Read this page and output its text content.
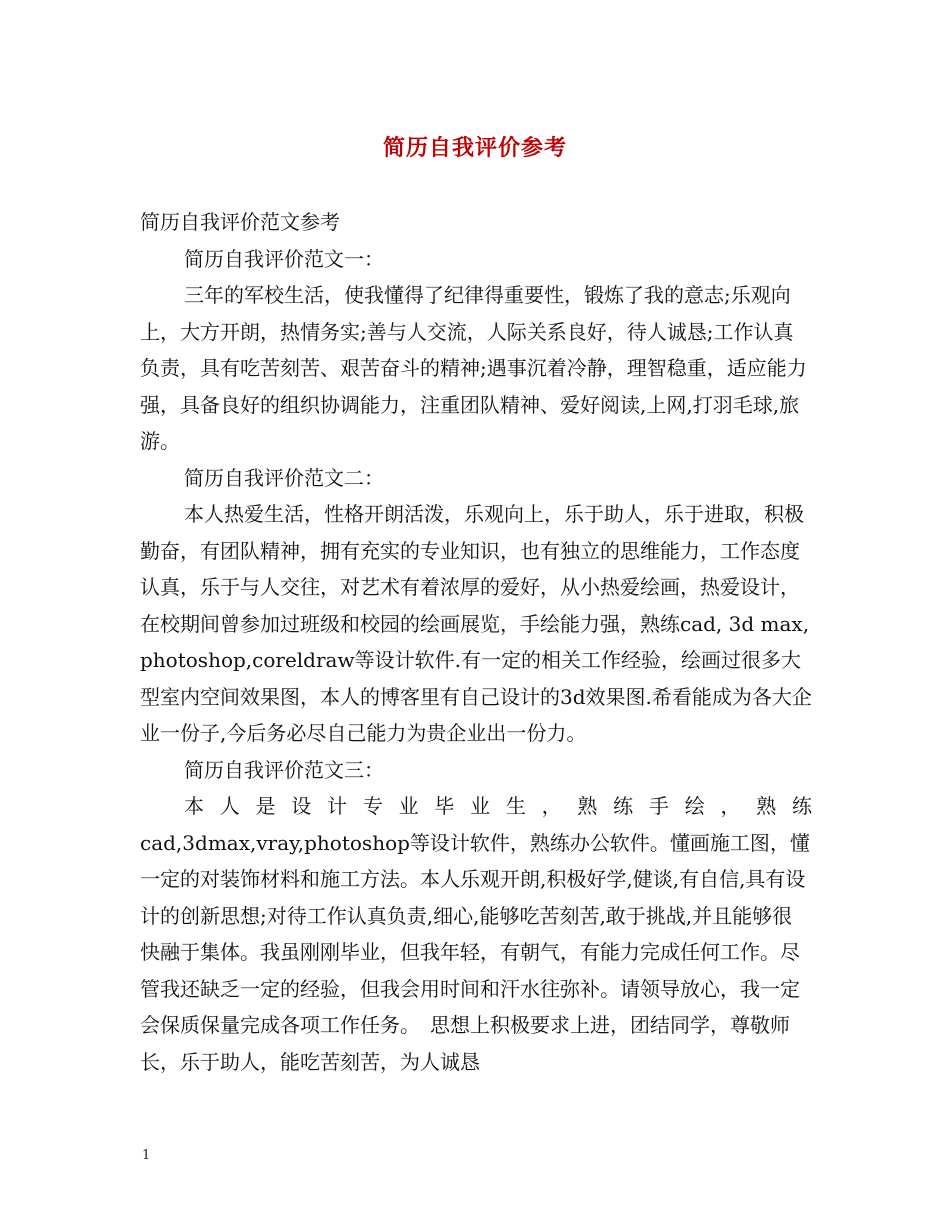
简历自我评价参考

简历自我评价范文参考

简历自我评价范文一：

三年的军校生活，使我懂得了纪律得重要性，锻炼了我的意志;乐观向上，大方开朗，热情务实;善与人交流，人际关系良好，待人诚恳;工作认真负责，具有吃苦刻苦、艰苦奋斗的精神;遇事沉着冷静，理智稳重，适应能力强，具备良好的组织协调能力，注重团队精神、爱好阅读,上网,打羽毛球,旅游。

简历自我评价范文二：

本人热爱生活，性格开朗活泼，乐观向上，乐于助人，乐于进取，积极勤奋，有团队精神，拥有充实的专业知识，也有独立的思维能力，工作态度认真，乐于与人交往，对艺术有着浓厚的爱好，从小热爱绘画，热爱设计，在校期间曾参加过班级和校园的绘画展览，手绘能力强，熟练cad, 3d max, photoshop,coreldraw等设计软件.有一定的相关工作经验，绘画过很多大型室内空间效果图，本人的博客里有自己设计的3d效果图.希看能成为各大企业一份子,今后务必尽自己能力为贵企业出一份力。

简历自我评价范文三：

本人是设计专业毕业生，熟练手绘，熟练

cad,3dmax,vray,photoshop等设计软件，熟练办公软件。懂画施工图，懂一定的对装饰材料和施工方法。本人乐观开朗,积极好学,健谈,有自信,具有设计的创新思想;对待工作认真负责,细心,能够吃苦刻苦,敢于挑战,并且能够很快融于集体。我虽刚刚毕业，但我年轻，有朝气，有能力完成任何工作。尽管我还缺乏一定的经验，但我会用时间和汗水往弥补。请领导放心，我一定会保质保量完成各项工作任务。　思想上积极要求上进，团结同学，尊敬师长，乐于助人，能吃苦刻苦，为人诚恳

1
